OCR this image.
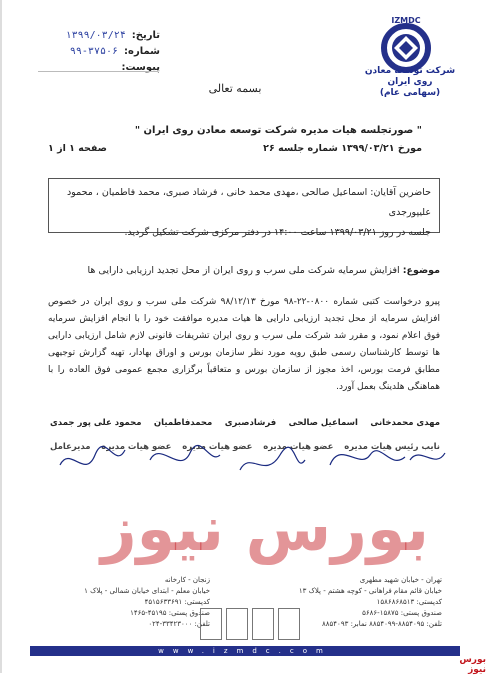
تاریخ:
۱۳۹۹/۰۳/۲۴
شماره:
۹۹-۳۷۵۰۶
پیوست:
بسمه تعالی
IZMDC
شرکت توسعه معادن روی ایران
(سهامی عام)
" صورتجلسه هیات مدیره شرکت توسعه معادن روی ایران "
مورخ ۱۳۹۹/۰۳/۲۱ شماره جلسه ۲۶
صفحه ۱ از ۱
حاضرین آقایان: اسماعیل صالحی ،مهدی محمد خانی ، فرشاد صبری، محمد فاطمیان ، محمود علیپورجدی
جلسه در روز ۱۳۹۹/۰۳/۲۱ ساعت ۱۴:۰۰ در دفتر مرکزی شرکت تشکیل گردید.
موضوع: افزایش سرمایه شرکت ملی سرب و روی ایران از محل تجدید ارزیابی دارایی ها
پیرو درخواست کتبی شماره ۰۸۰۰-۲۲-۹۸ مورخ ۹۸/۱۲/۱۳ شرکت ملی سرب و روی ایران در خصوص افزایش سرمایه از محل تجدید ارزیابی دارایی ها هیات مدیره موافقت خود را با انجام افزایش سرمایه فوق اعلام نمود، و مقرر شد شرکت ملی سرب و روی ایران تشریفات قانونی لازم شامل ارزیابی دارایی ها توسط کارشناسان رسمی طبق رویه مورد نظر سازمان بورس و اوراق بهادار، تهیه گزارش توجیهی مطابق فرمت بورس، اخذ مجوز از سازمان بورس و متعاقباً برگزاری مجمع عمومی فوق العاده را با هماهنگی هلدینگ بعمل آورد.
مهدی محمدخانی
اسماعیل صالحی
فرشادصبری
محمدفاطمیان
محمود علی پور جمدی
نایب رئیس هیات مدیره
عضو هیات مدیره
عضو هیات مدیره
عضو هیات مدیره
مدیرعامل
بورس نیوز
تهران - خیابان شهید مطهری
خیابان قائم مقام فراهانی - کوچه هشتم - پلاک ۱۳
کدپستی: ۱۵۸۶۸۶۸۵۱۳
صندوق پستی: ۱۵۸۷۵-۵۶۸۶
تلفن: ۸۸۵۴۰۹۵-۸۸۵۴۰۹۹ نمابر: ۸۸۵۴۰۹۳
زنجان - کارخانه
خیابان معلم - ابتدای خیابان شمالی - پلاک ۱
کدپستی: ۴۵۱۵۶۳۳۶۹۱
صندوق پستی: ۴۵۱۹۵-۱۴۶۵
تلفن: ۳۳۴۲۳۰۰۰-۰۲۴
www.izmdc.com
بورس نیوز
